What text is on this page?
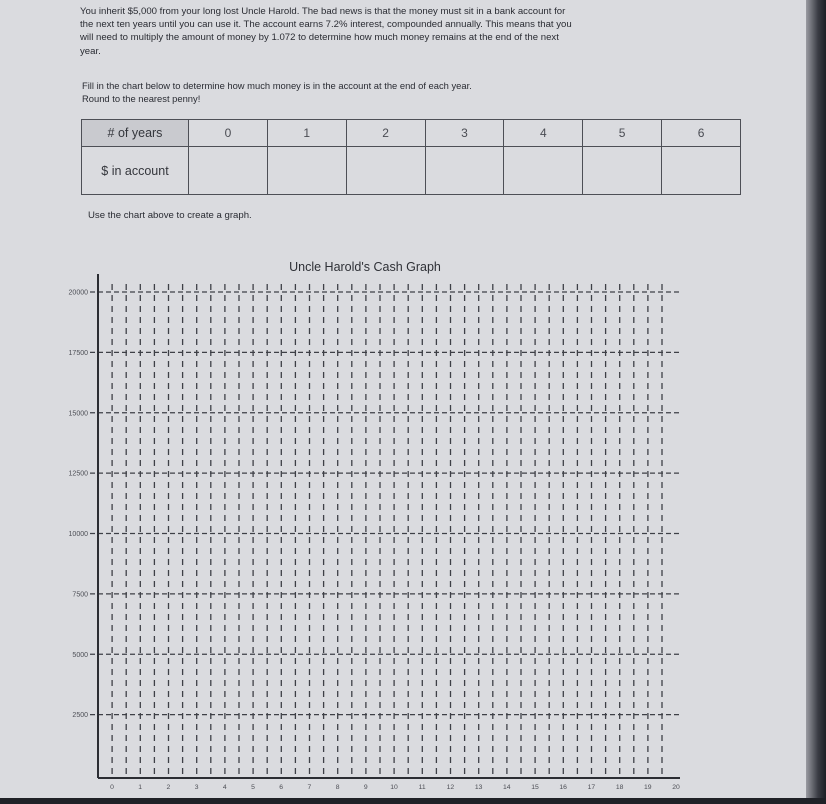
You inherit $5,000 from your long lost Uncle Harold. The bad news is that the money must sit in a bank account for
the next ten years until you can use it. The account earns 7.2% interest, compounded annually. This means that you
will need to multiply the amount of money by 1.072 to determine how much money remains at the end of the next
year.
Fill in the chart below to determine how much money is in the account at the end of each year.
Round to the nearest penny!
# of years	0	1	2	3	4	5	6
$ in account							
Use the chart above to create a graph.
Uncle Harold's Cash Graph
2500
5000
7500
10000
12500
15000
17500
20000
0	1	2	3	4	5	6	7	8	9	10	11	12	13	14	15	16	17	18	19	20
